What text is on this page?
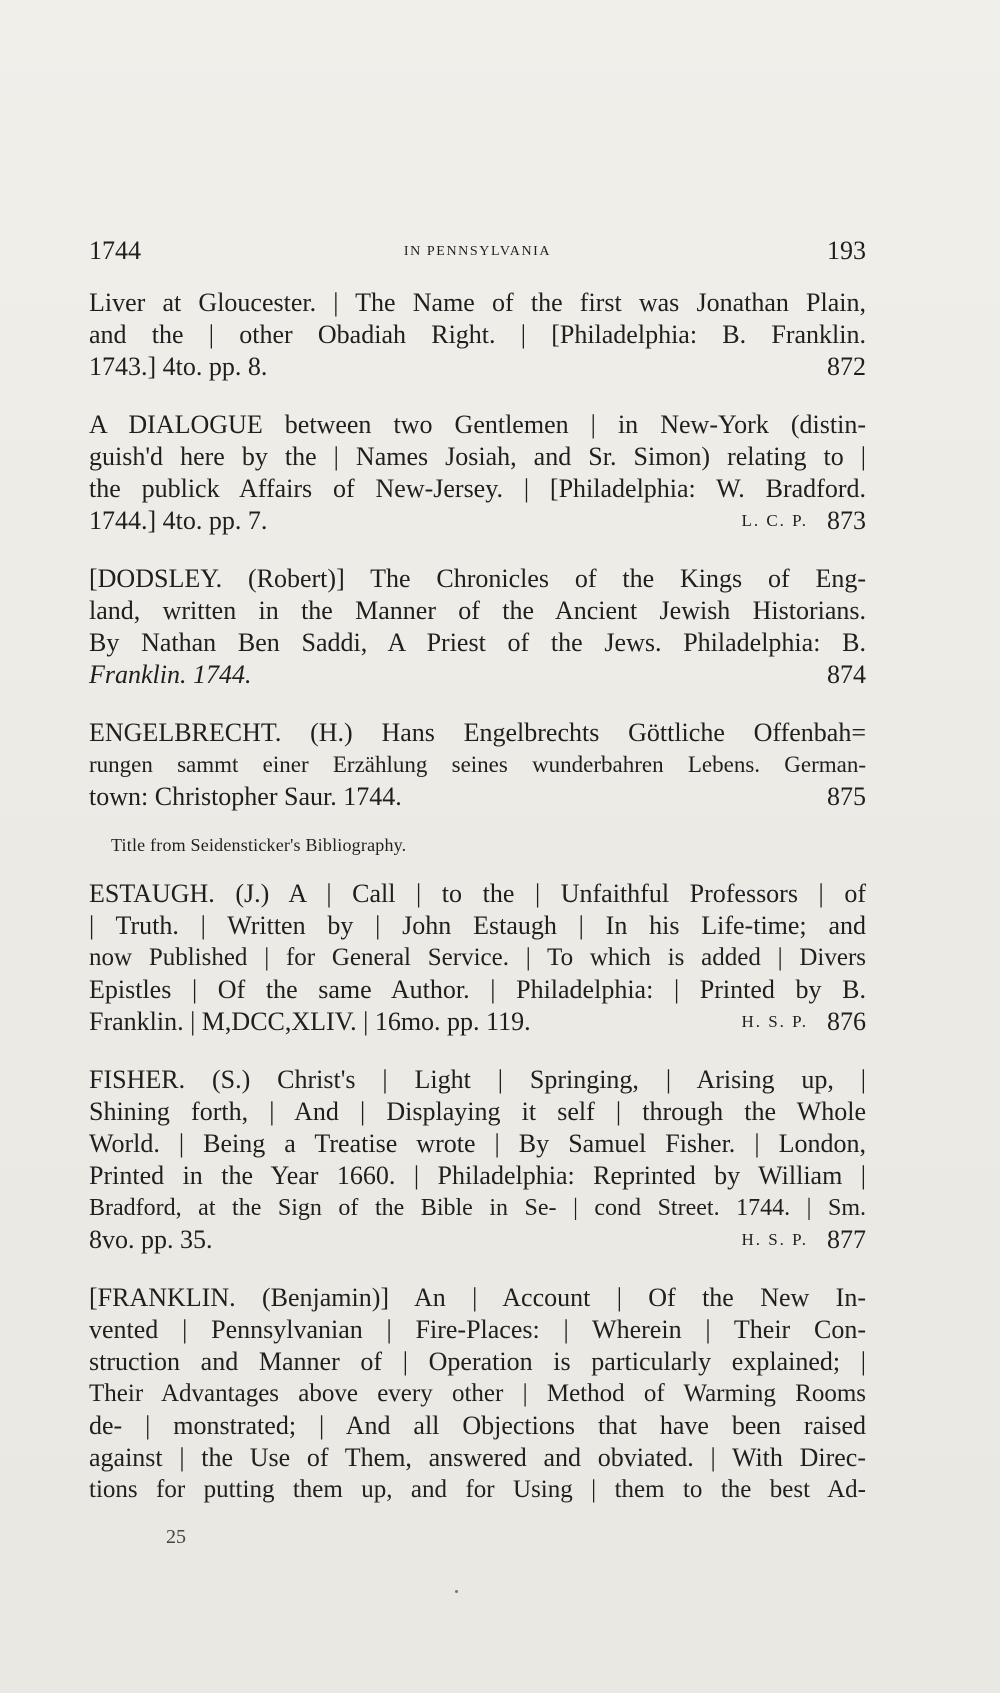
1744	IN PENNSYLVANIA	193
Liver at Gloucester. | The Name of the first was Jonathan Plain,
and the | other Obadiah Right. | [Philadelphia: B. Franklin.
1743.] 4to. pp. 8.	872
A DIALOGUE between two Gentlemen | in New-York (distin-
guish'd here by the | Names Josiah, and Sr. Simon) relating to |
the publick Affairs of New-Jersey. | [Philadelphia: W. Bradford.
1744.] 4to. pp. 7.	L. C. P. 873
[DODSLEY. (Robert)] The Chronicles of the Kings of Eng-
land, written in the Manner of the Ancient Jewish Historians.
By Nathan Ben Saddi, A Priest of the Jews. Philadelphia: B.
Franklin. 1744.	874
ENGELBRECHT. (H.) Hans Engelbrechts Göttliche Offenbah=
rungen sammt einer Erzählung seines wunderbahren Lebens. German-
town: Christopher Saur. 1744.	875
Title from Seidensticker's Bibliography.
ESTAUGH. (J.) A | Call | to the | Unfaithful Professors | of
| Truth. | Written by | John Estaugh | In his Life-time; and
now Published | for General Service. | To which is added | Divers
Epistles | Of the same Author. | Philadelphia: | Printed by B.
Franklin. | M,DCC,XLIV. | 16mo. pp. 119.	H. S. P. 876
FISHER. (S.) Christ's | Light | Springing, | Arising up, |
Shining forth, | And | Displaying it self | through the Whole
World. | Being a Treatise wrote | By Samuel Fisher. | London,
Printed in the Year 1660. | Philadelphia: Reprinted by William |
Bradford, at the Sign of the Bible in Se- | cond Street. 1744. | Sm.
8vo. pp. 35.	H. S. P. 877
[FRANKLIN. (Benjamin)] An | Account | Of the New In-
vented | Pennsylvanian | Fire-Places: | Wherein | Their Con-
struction and Manner of | Operation is particularly explained; |
Their Advantages above every other | Method of Warming Rooms
de- | monstrated; | And all Objections that have been raised
against | the Use of Them, answered and obviated. | With Direc-
tions for putting them up, and for Using | them to the best Ad-
25
